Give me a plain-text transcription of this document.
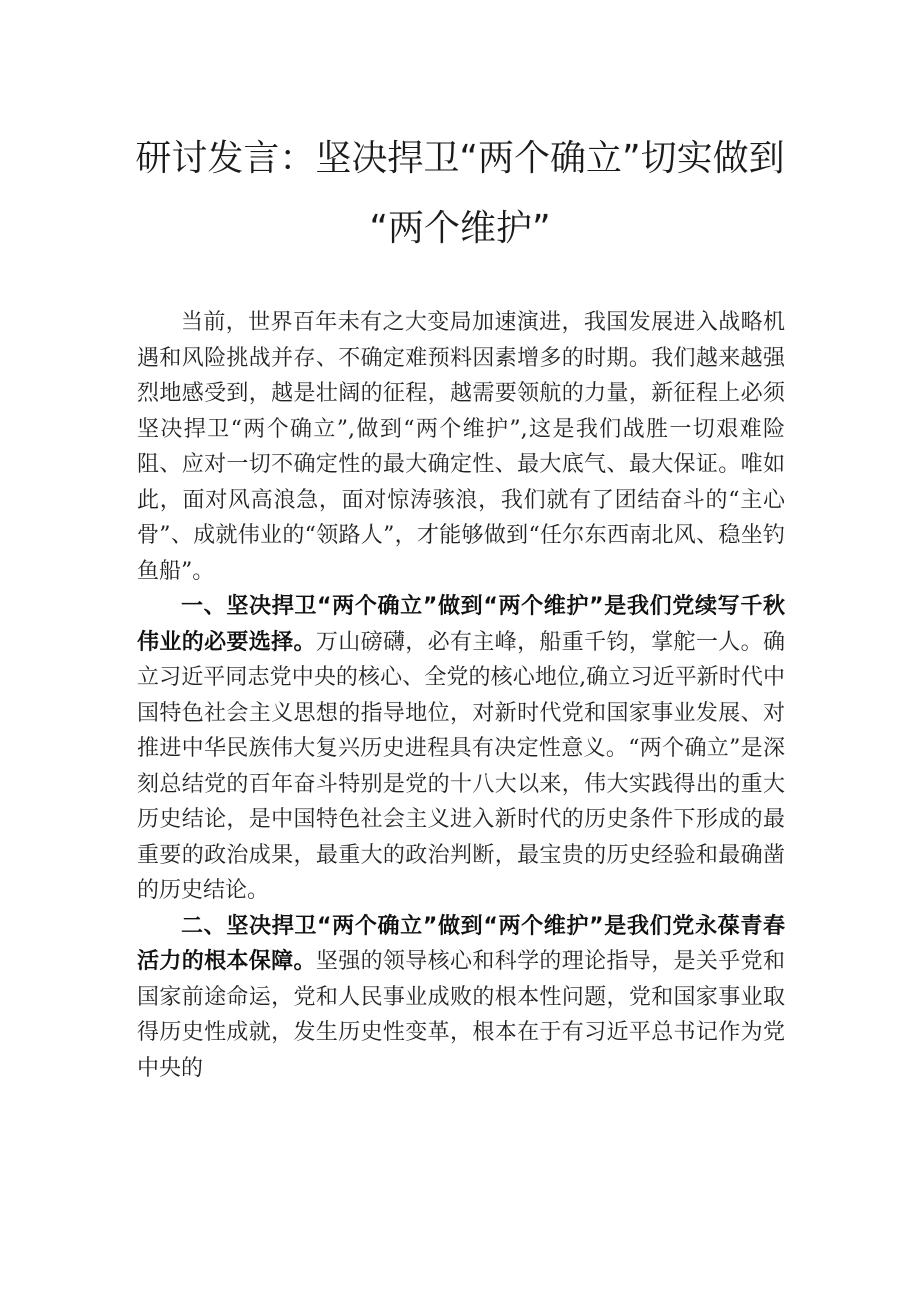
研讨发言：坚决捍卫“两个确立”切实做到
“两个维护”

当前，世界百年未有之大变局加速演进，我国发展进入战略机遇和风险挑战并存、不确定难预料因素增多的时期。我们越来越强烈地感受到，越是壮阔的征程，越需要领航的力量，新征程上必须坚决捍卫“两个确立”,做到“两个维护”,这是我们战胜一切艰难险阻、应对一切不确定性的最大确定性、最大底气、最大保证。唯如此，面对风高浪急，面对惊涛骇浪，我们就有了团结奋斗的“主心骨”、成就伟业的“领路人”，才能够做到“任尔东西南北风、稳坐钓鱼船”。

一、坚决捍卫“两个确立”做到“两个维护”是我们党续写千秋伟业的必要选择。万山磅礴，必有主峰，船重千钧，掌舵一人。确立习近平同志党中央的核心、全党的核心地位,确立习近平新时代中国特色社会主义思想的指导地位，对新时代党和国家事业发展、对推进中华民族伟大复兴历史进程具有决定性意义。“两个确立”是深刻总结党的百年奋斗特别是党的十八大以来，伟大实践得出的重大历史结论，是中国特色社会主义进入新时代的历史条件下形成的最重要的政治成果，最重大的政治判断，最宝贵的历史经验和最确凿的历史结论。

二、坚决捍卫“两个确立”做到“两个维护”是我们党永葆青春活力的根本保障。坚强的领导核心和科学的理论指导，是关乎党和国家前途命运，党和人民事业成败的根本性问题，党和国家事业取得历史性成就，发生历史性变革，根本在于有习近平总书记作为党中央的
